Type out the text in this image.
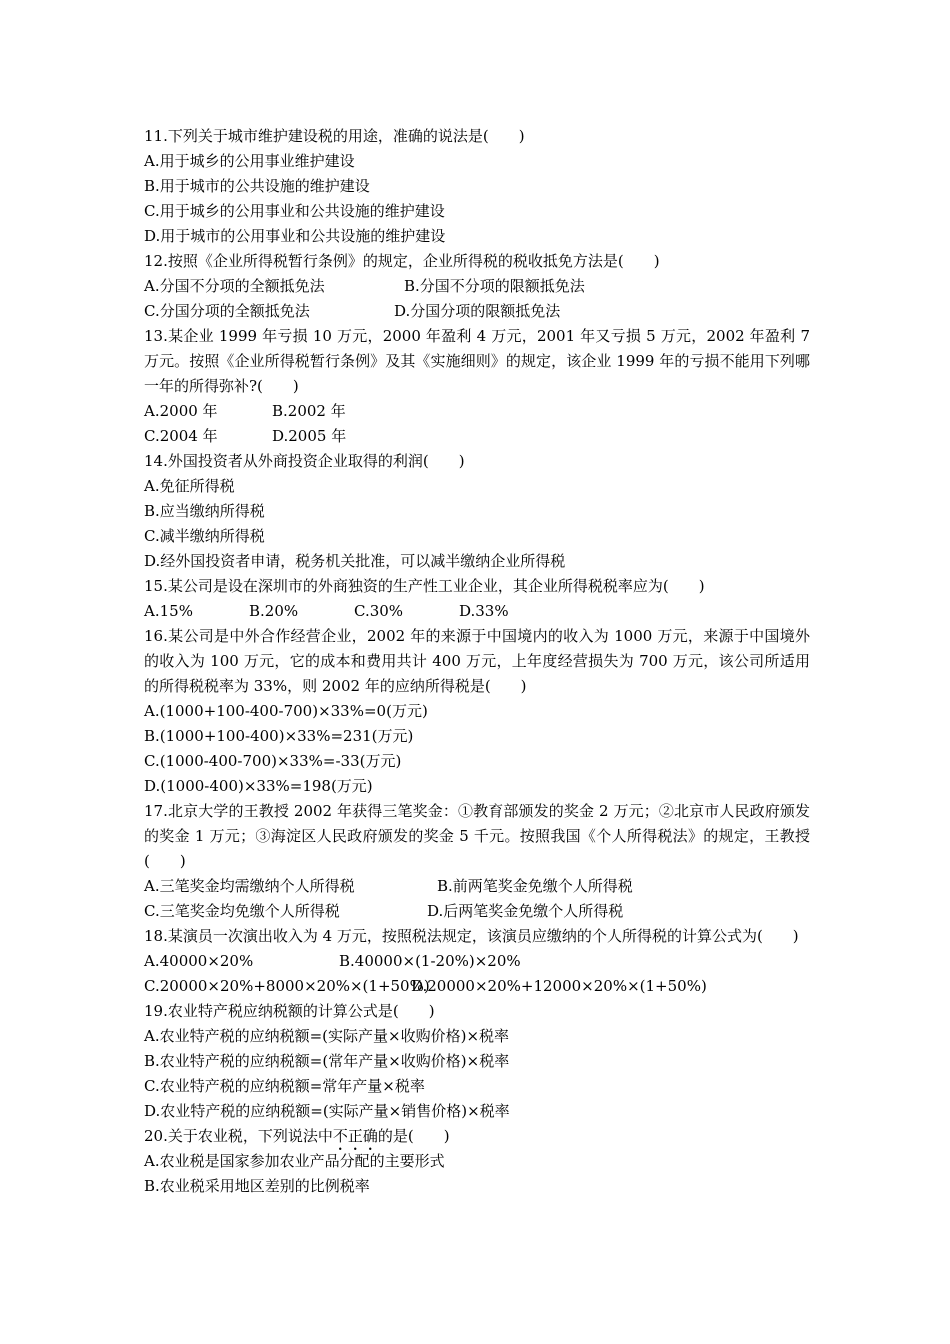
11.下列关于城市维护建设税的用途，准确的说法是(　　)
A.用于城乡的公用事业维护建设
B.用于城市的公共设施的维护建设
C.用于城乡的公用事业和公共设施的维护建设
D.用于城市的公用事业和公共设施的维护建设
12.按照《企业所得税暂行条例》的规定，企业所得税的税收抵免方法是(　　)
A.分国不分项的全额抵免法	B.分国不分项的限额抵免法
C.分国分项的全额抵免法	D.分国分项的限额抵免法
13.某企业 1999 年亏损 10 万元，2000 年盈利 4 万元，2001 年又亏损 5 万元，2002 年盈利 7 万元。按照《企业所得税暂行条例》及其《实施细则》的规定，该企业 1999 年的亏损不能用下列哪一年的所得弥补?(　　)
A.2000 年	B.2002 年
C.2004 年	D.2005 年
14.外国投资者从外商投资企业取得的利润(　　)
A.免征所得税
B.应当缴纳所得税
C.减半缴纳所得税
D.经外国投资者申请，税务机关批准，可以减半缴纳企业所得税
15.某公司是设在深圳市的外商独资的生产性工业企业，其企业所得税税率应为(　　)
A.15%	B.20%	C.30%	D.33%
16.某公司是中外合作经营企业，2002 年的来源于中国境内的收入为 1000 万元，来源于中国境外的收入为 100 万元，它的成本和费用共计 400 万元，上年度经营损失为 700 万元，该公司所适用的所得税税率为 33%，则 2002 年的应纳所得税是(　　)
A.(1000+100-400-700)×33%=0(万元)
B.(1000+100-400)×33%=231(万元)
C.(1000-400-700)×33%=-33(万元)
D.(1000-400)×33%=198(万元)
17.北京大学的王教授 2002 年获得三笔奖金：①教育部颁发的奖金 2 万元；②北京市人民政府颁发的奖金 1 万元；③海淀区人民政府颁发的奖金 5 千元。按照我国《个人所得税法》的规定，王教授(　　)
A.三笔奖金均需缴纳个人所得税	B.前两笔奖金免缴个人所得税
C.三笔奖金均免缴个人所得税	D.后两笔奖金免缴个人所得税
18.某演员一次演出收入为 4 万元，按照税法规定，该演员应缴纳的个人所得税的计算公式为(　　)
A.40000×20%	B.40000×(1-20%)×20%
C.20000×20%+8000×20%×(1+50%)
D.20000×20%+12000×20%×(1+50%)
19.农业特产税应纳税额的计算公式是(　　)
A.农业特产税的应纳税额=(实际产量×收购价格)×税率
B.农业特产税的应纳税额=(常年产量×收购价格)×税率
C.农业特产税的应纳税额=常年产量×税率
D.农业特产税的应纳税额=(实际产量×销售价格)×税率
20.关于农业税，下列说法中不正确的是(　　)
A.农业税是国家参加农业产品分配的主要形式
B.农业税采用地区差别的比例税率
